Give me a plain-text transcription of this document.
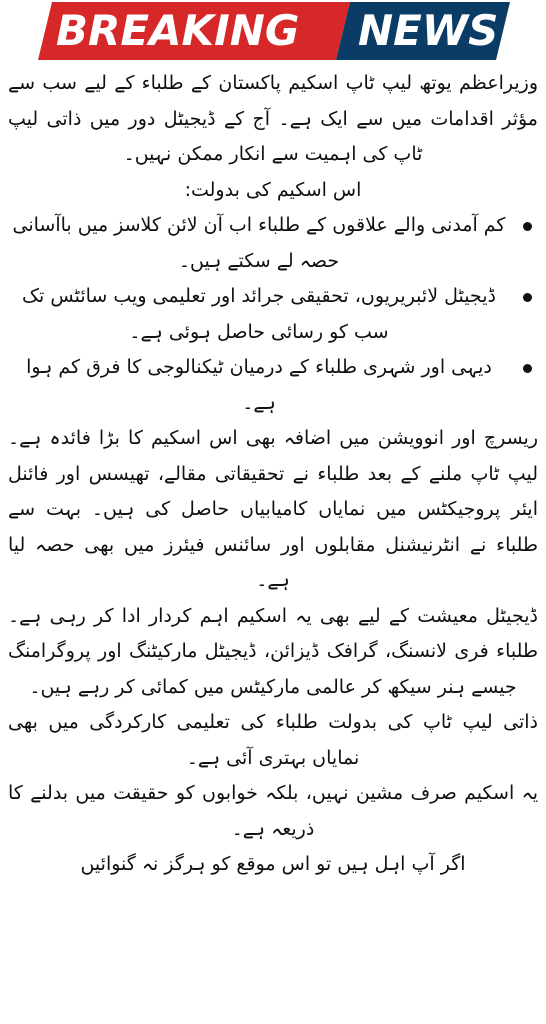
BREAKING NEWS

وزیراعظم یوتھ لیپ ٹاپ اسکیم پاکستان کے طلباء کے لیے سب سے مؤثر اقدامات میں سے ایک ہے۔ آج کے ڈیجیٹل دور میں ذاتی لیپ ٹاپ کی اہمیت سے انکار ممکن نہیں۔

اس اسکیم کی بدولت:

کم آمدنی والے علاقوں کے طلباء اب آن لائن کلاسز میں باآسانی حصہ لے سکتے ہیں۔
ڈیجیٹل لائبریریوں، تحقیقی جرائد اور تعلیمی ویب سائٹس تک سب کو رسائی حاصل ہوئی ہے۔
دیہی اور شہری طلباء کے درمیان ٹیکنالوجی کا فرق کم ہوا ہے۔

ریسرچ اور انوویشن میں اضافہ بھی اس اسکیم کا بڑا فائدہ ہے۔ لیپ ٹاپ ملنے کے بعد طلباء نے تحقیقاتی مقالے، تھیسس اور فائنل ایئر پروجیکٹس میں نمایاں کامیابیاں حاصل کی ہیں۔ بہت سے طلباء نے انٹرنیشنل مقابلوں اور سائنس فیئرز میں بھی حصہ لیا ہے۔

ڈیجیٹل معیشت کے لیے بھی یہ اسکیم اہم کردار ادا کر رہی ہے۔ طلباء فری لانسنگ، گرافک ڈیزائن، ڈیجیٹل مارکیٹنگ اور پروگرامنگ جیسے ہنر سیکھ کر عالمی مارکیٹس میں کمائی کر رہے ہیں۔

ذاتی لیپ ٹاپ کی بدولت طلباء کی تعلیمی کارکردگی میں بھی نمایاں بہتری آئی ہے۔

یہ اسکیم صرف مشین نہیں، بلکہ خوابوں کو حقیقت میں بدلنے کا ذریعہ ہے۔

اگر آپ اہل ہیں تو اس موقع کو ہرگز نہ گنوائیں
